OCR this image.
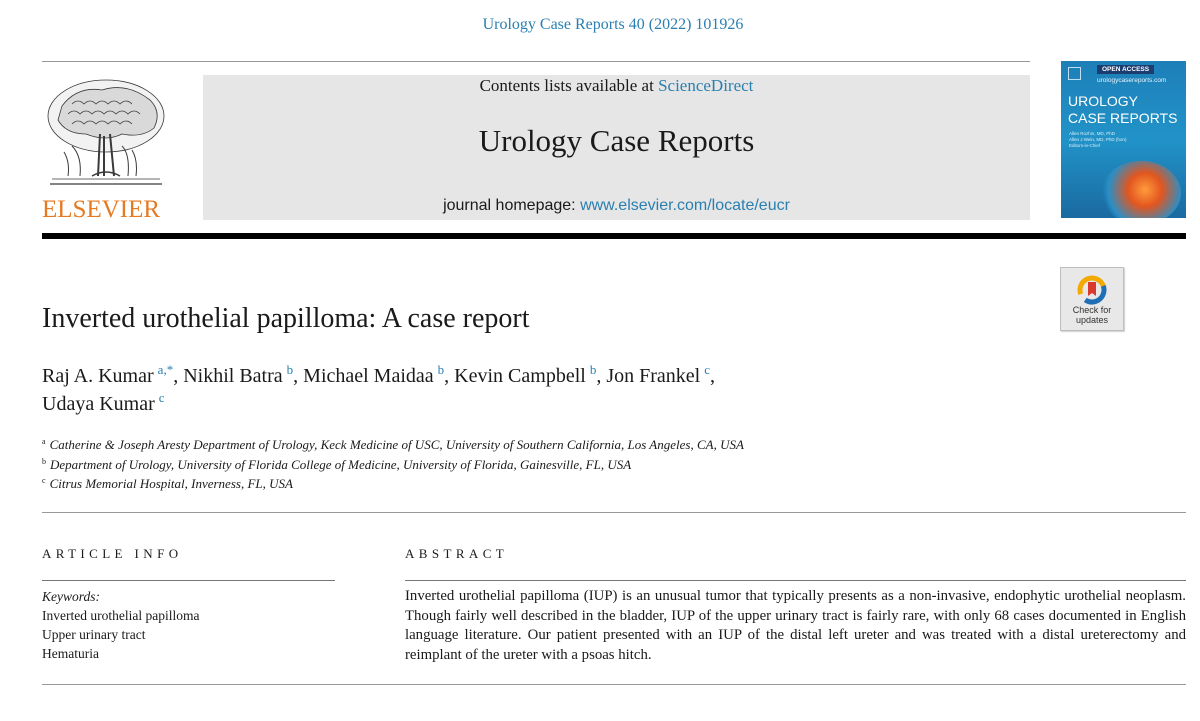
Urology Case Reports 40 (2022) 101926
ELSEVIER
Contents lists available at ScienceDirect
Urology Case Reports
journal homepage: www.elsevier.com/locate/eucr
OPEN ACCESS
urologycasereports.com
UROLOGY
CASE REPORTS
Allen Rozhin, MD, PhD
Allen J Wein, MD, PhD (hon)
Editors-in-Chief
Check for
updates
Inverted urothelial papilloma: A case report
Raj A. Kumar  $^{a,*}$, Nikhil Batra  $^b$, Michael Maidaa  $^b$, Kevin Campbell  $^b$, Jon Frankel  $^c$,
Udaya Kumar  $^c$
$^a$ Catherine & Joseph Aresty Department of Urology, Keck Medicine of USC, University of Southern California, Los Angeles, CA, USA
$^b$ Department of Urology, University of Florida College of Medicine, University of Florida, Gainesville, FL, USA
$^c$ Citrus Memorial Hospital, Inverness, FL, USA
ARTICLE INFO
Keywords:
Inverted urothelial papilloma
Upper urinary tract
Hematuria
ABSTRACT
Inverted urothelial papilloma (IUP) is an unusual tumor that typically presents as a non-invasive, endophytic urothelial neoplasm. Though fairly well described in the bladder, IUP of the upper urinary tract is fairly rare, with only 68 cases documented in English language literature. Our patient presented with an IUP of the distal left ureter and was treated with a distal ureterectomy and reimplant of the ureter with a psoas hitch.
